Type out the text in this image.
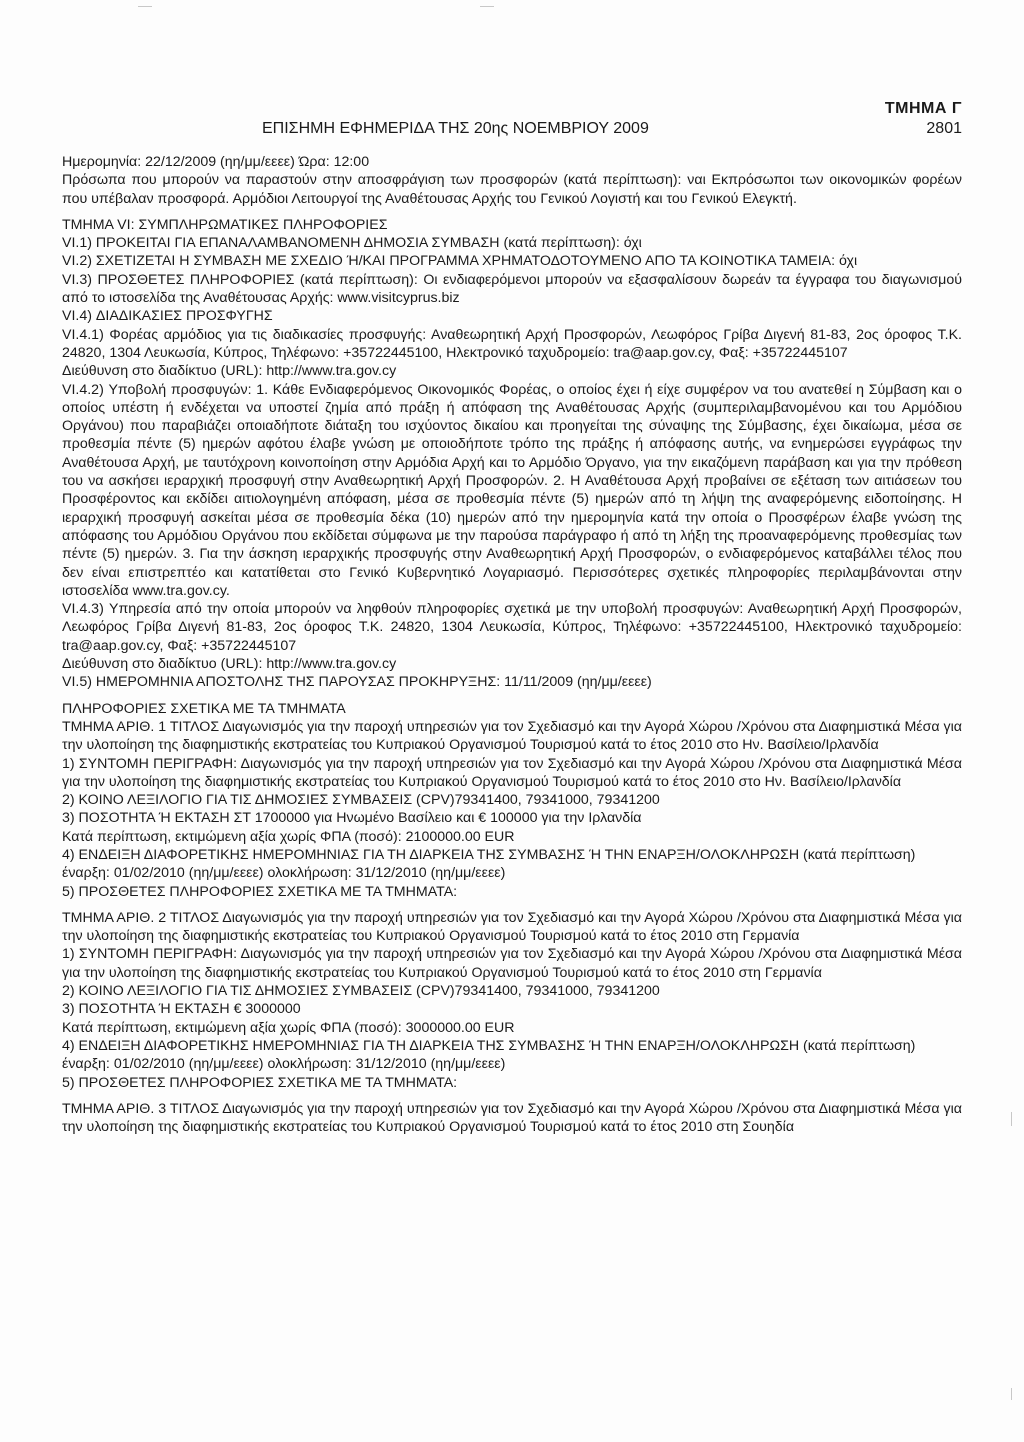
ΤΜΗΜΑ Γ
ΕΠΙΣΗΜΗ ΕΦΗΜΕΡΙΔΑ ΤΗΣ 20ης ΝΟΕΜΒΡΙΟΥ 2009	2801

Ημερομηνία: 22/12/2009 (ηη/μμ/εεεε) Ώρα: 12:00

Πρόσωπα που μπορούν να παραστούν στην αποσφράγιση των προσφορών (κατά περίπτωση): ναι Εκπρόσωποι των οικονομικών φορέων που υπέβαλαν προσφορά. Αρμόδιοι Λειτουργοί της Αναθέτουσας Αρχής του Γενικού Λογιστή και του Γενικού Ελεγκτή.

ΤΜΗΜΑ VI: ΣΥΜΠΛΗΡΩΜΑΤΙΚΕΣ ΠΛΗΡΟΦΟΡΙΕΣ

VI.1) ΠΡΟΚΕΙΤΑΙ ΓΙΑ ΕΠΑΝΑΛΑΜΒΑΝΟΜΕΝΗ ΔΗΜΟΣΙΑ ΣΥΜΒΑΣΗ (κατά περίπτωση): όχι

VI.2) ΣΧΕΤΙΖΕΤΑΙ Η ΣΥΜΒΑΣΗ ΜΕ ΣΧΕΔΙΟ Ή/ΚΑΙ ΠΡΟΓΡΑΜΜΑ ΧΡΗΜΑΤΟΔΟΤΟΥΜΕΝΟ ΑΠΟ ΤΑ ΚΟΙΝΟΤΙΚΑ ΤΑΜΕΙΑ: όχι

VI.3) ΠΡΟΣΘΕΤΕΣ ΠΛΗΡΟΦΟΡΙΕΣ (κατά περίπτωση): Οι ενδιαφερόμενοι μπορούν να εξασφαλίσουν δωρεάν τα έγγραφα του διαγωνισμού από το ιστοσελίδα της Αναθέτουσας Αρχής: www.visitcyprus.biz

VI.4) ΔΙΑΔΙΚΑΣΙΕΣ ΠΡΟΣΦΥΓΗΣ

VI.4.1) Φορέας αρμόδιος για τις διαδικασίες προσφυγής: Αναθεωρητική Αρχή Προσφορών, Λεωφόρος Γρίβα Διγενή 81-83, 2ος όροφος Τ.Κ. 24820, 1304 Λευκωσία, Κύπρος, Τηλέφωνο: +35722445100, Ηλεκτρονικό ταχυδρομείο: tra@aap.gov.cy, Φαξ: +35722445107

Διεύθυνση στο διαδίκτυο (URL): http://www.tra.gov.cy

VI.4.2) Υποβολή προσφυγών: 1. Κάθε Ενδιαφερόμενος Οικονομικός Φορέας, ο οποίος έχει ή είχε συμφέρον να του ανατεθεί η Σύμβαση και ο οποίος υπέστη ή ενδέχεται να υποστεί ζημία από πράξη ή απόφαση της Αναθέτουσας Αρχής (συμπεριλαμβανομένου και του Αρμόδιου Οργάνου) που παραβιάζει οποιαδήποτε διάταξη του ισχύοντος δικαίου και προηγείται της σύναψης της Σύμβασης, έχει δικαίωμα, μέσα σε προθεσμία πέντε (5) ημερών αφότου έλαβε γνώση με οποιοδήποτε τρόπο της πράξης ή απόφασης αυτής, να ενημερώσει εγγράφως την Αναθέτουσα Αρχή, με ταυτόχρονη κοινοποίηση στην Αρμόδια Αρχή και το Αρμόδιο Όργανο, για την εικαζόμενη παράβαση και για την πρόθεση του να ασκήσει ιεραρχική προσφυγή στην Αναθεωρητική Αρχή Προσφορών. 2. Η Αναθέτουσα Αρχή προβαίνει σε εξέταση των αιτιάσεων του Προσφέροντος και εκδίδει αιτιολογημένη απόφαση, μέσα σε προθεσμία πέντε (5) ημερών από τη λήψη της αναφερόμενης ειδοποίησης. Η ιεραρχική προσφυγή ασκείται μέσα σε προθεσμία δέκα (10) ημερών από την ημερομηνία κατά την οποία ο Προσφέρων έλαβε γνώση της απόφασης του Αρμόδιου Οργάνου που εκδίδεται σύμφωνα με την παρούσα παράγραφο ή από τη λήξη της προαναφερόμενης προθεσμίας των πέντε (5) ημερών. 3. Για την άσκηση ιεραρχικής προσφυγής στην Αναθεωρητική Αρχή Προσφορών, ο ενδιαφερόμενος καταβάλλει τέλος που δεν είναι επιστρεπτέο και κατατίθεται στο Γενικό Κυβερνητικό Λογαριασμό. Περισσότερες σχετικές πληροφορίες περιλαμβάνονται στην ιστοσελίδα www.tra.gov.cy.

VI.4.3) Υπηρεσία από την οποία μπορούν να ληφθούν πληροφορίες σχετικά με την υποβολή προσφυγών: Αναθεωρητική Αρχή Προσφορών, Λεωφόρος Γρίβα Διγενή 81-83, 2ος όροφος Τ.Κ. 24820, 1304 Λευκωσία, Κύπρος, Τηλέφωνο: +35722445100, Ηλεκτρονικό ταχυδρομείο: tra@aap.gov.cy, Φαξ: +35722445107

Διεύθυνση στο διαδίκτυο (URL): http://www.tra.gov.cy

VI.5) ΗΜΕΡΟΜΗΝΙΑ ΑΠΟΣΤΟΛΗΣ ΤΗΣ ΠΑΡΟΥΣΑΣ ΠΡΟΚΗΡΥΞΗΣ: 11/11/2009 (ηη/μμ/εεεε)

ΠΛΗΡΟΦΟΡΙΕΣ ΣΧΕΤΙΚΑ ΜΕ ΤΑ ΤΜΗΜΑΤΑ

ΤΜΗΜΑ ΑΡΙΘ. 1 ΤΙΤΛΟΣ Διαγωνισμός για την παροχή υπηρεσιών για τον Σχεδιασμό και την Αγορά Χώρου /Χρόνου στα Διαφημιστικά Μέσα για την υλοποίηση της διαφημιστικής εκστρατείας του Κυπριακού Οργανισμού Τουρισμού κατά το έτος 2010 στο Ην. Βασίλειο/Ιρλανδία

1) ΣΥΝΤΟΜΗ ΠΕΡΙΓΡΑΦΗ: Διαγωνισμός για την παροχή υπηρεσιών για τον Σχεδιασμό και την Αγορά Χώρου /Χρόνου στα Διαφημιστικά Μέσα για την υλοποίηση της διαφημιστικής εκστρατείας του Κυπριακού Οργανισμού Τουρισμού κατά το έτος 2010 στο Ην. Βασίλειο/Ιρλανδία

2) ΚΟΙΝΟ ΛΕΞΙΛΟΓΙΟ ΓΙΑ ΤΙΣ ΔΗΜΟΣΙΕΣ ΣΥΜΒΑΣΕΙΣ (CPV)79341400, 79341000, 79341200

3) ΠΟΣΟΤΗΤΑ Ή ΕΚΤΑΣΗ ΣΤ 1700000 για Ηνωμένο Βασίλειο και € 100000 για την Ιρλανδία

Κατά περίπτωση, εκτιμώμενη αξία χωρίς ΦΠΑ (ποσό): 2100000.00 EUR

4) ΕΝΔΕΙΞΗ ΔΙΑΦΟΡΕΤΙΚΗΣ ΗΜΕΡΟΜΗΝΙΑΣ ΓΙΑ ΤΗ ΔΙΑΡΚΕΙΑ ΤΗΣ ΣΥΜΒΑΣΗΣ Ή ΤΗΝ ΕΝΑΡΞΗ/ΟΛΟΚΛΗΡΩΣΗ (κατά περίπτωση)

έναρξη: 01/02/2010 (ηη/μμ/εεεε) ολοκλήρωση: 31/12/2010 (ηη/μμ/εεεε)

5) ΠΡΟΣΘΕΤΕΣ ΠΛΗΡΟΦΟΡΙΕΣ ΣΧΕΤΙΚΑ ΜΕ ΤΑ ΤΜΗΜΑΤΑ:

ΤΜΗΜΑ ΑΡΙΘ. 2 ΤΙΤΛΟΣ Διαγωνισμός για την παροχή υπηρεσιών για τον Σχεδιασμό και την Αγορά Χώρου /Χρόνου στα Διαφημιστικά Μέσα για την υλοποίηση της διαφημιστικής εκστρατείας του Κυπριακού Οργανισμού Τουρισμού κατά το έτος 2010 στη Γερμανία

1) ΣΥΝΤΟΜΗ ΠΕΡΙΓΡΑΦΗ: Διαγωνισμός για την παροχή υπηρεσιών για τον Σχεδιασμό και την Αγορά Χώρου /Χρόνου στα Διαφημιστικά Μέσα για την υλοποίηση της διαφημιστικής εκστρατείας του Κυπριακού Οργανισμού Τουρισμού κατά το έτος 2010 στη Γερμανία

2) ΚΟΙΝΟ ΛΕΞΙΛΟΓΙΟ ΓΙΑ ΤΙΣ ΔΗΜΟΣΙΕΣ ΣΥΜΒΑΣΕΙΣ (CPV)79341400, 79341000, 79341200

3) ΠΟΣΟΤΗΤΑ Ή ΕΚΤΑΣΗ € 3000000

Κατά περίπτωση, εκτιμώμενη αξία χωρίς ΦΠΑ (ποσό): 3000000.00 EUR

4) ΕΝΔΕΙΞΗ ΔΙΑΦΟΡΕΤΙΚΗΣ ΗΜΕΡΟΜΗΝΙΑΣ ΓΙΑ ΤΗ ΔΙΑΡΚΕΙΑ ΤΗΣ ΣΥΜΒΑΣΗΣ Ή ΤΗΝ ΕΝΑΡΞΗ/ΟΛΟΚΛΗΡΩΣΗ (κατά περίπτωση)

έναρξη: 01/02/2010 (ηη/μμ/εεεε) ολοκλήρωση: 31/12/2010 (ηη/μμ/εεεε)

5) ΠΡΟΣΘΕΤΕΣ ΠΛΗΡΟΦΟΡΙΕΣ ΣΧΕΤΙΚΑ ΜΕ ΤΑ ΤΜΗΜΑΤΑ:

ΤΜΗΜΑ ΑΡΙΘ. 3 ΤΙΤΛΟΣ Διαγωνισμός για την παροχή υπηρεσιών για τον Σχεδιασμό και την Αγορά Χώρου /Χρόνου στα Διαφημιστικά Μέσα για την υλοποίηση της διαφημιστικής εκστρατείας του Κυπριακού Οργανισμού Τουρισμού κατά το έτος 2010 στη Σουηδία
